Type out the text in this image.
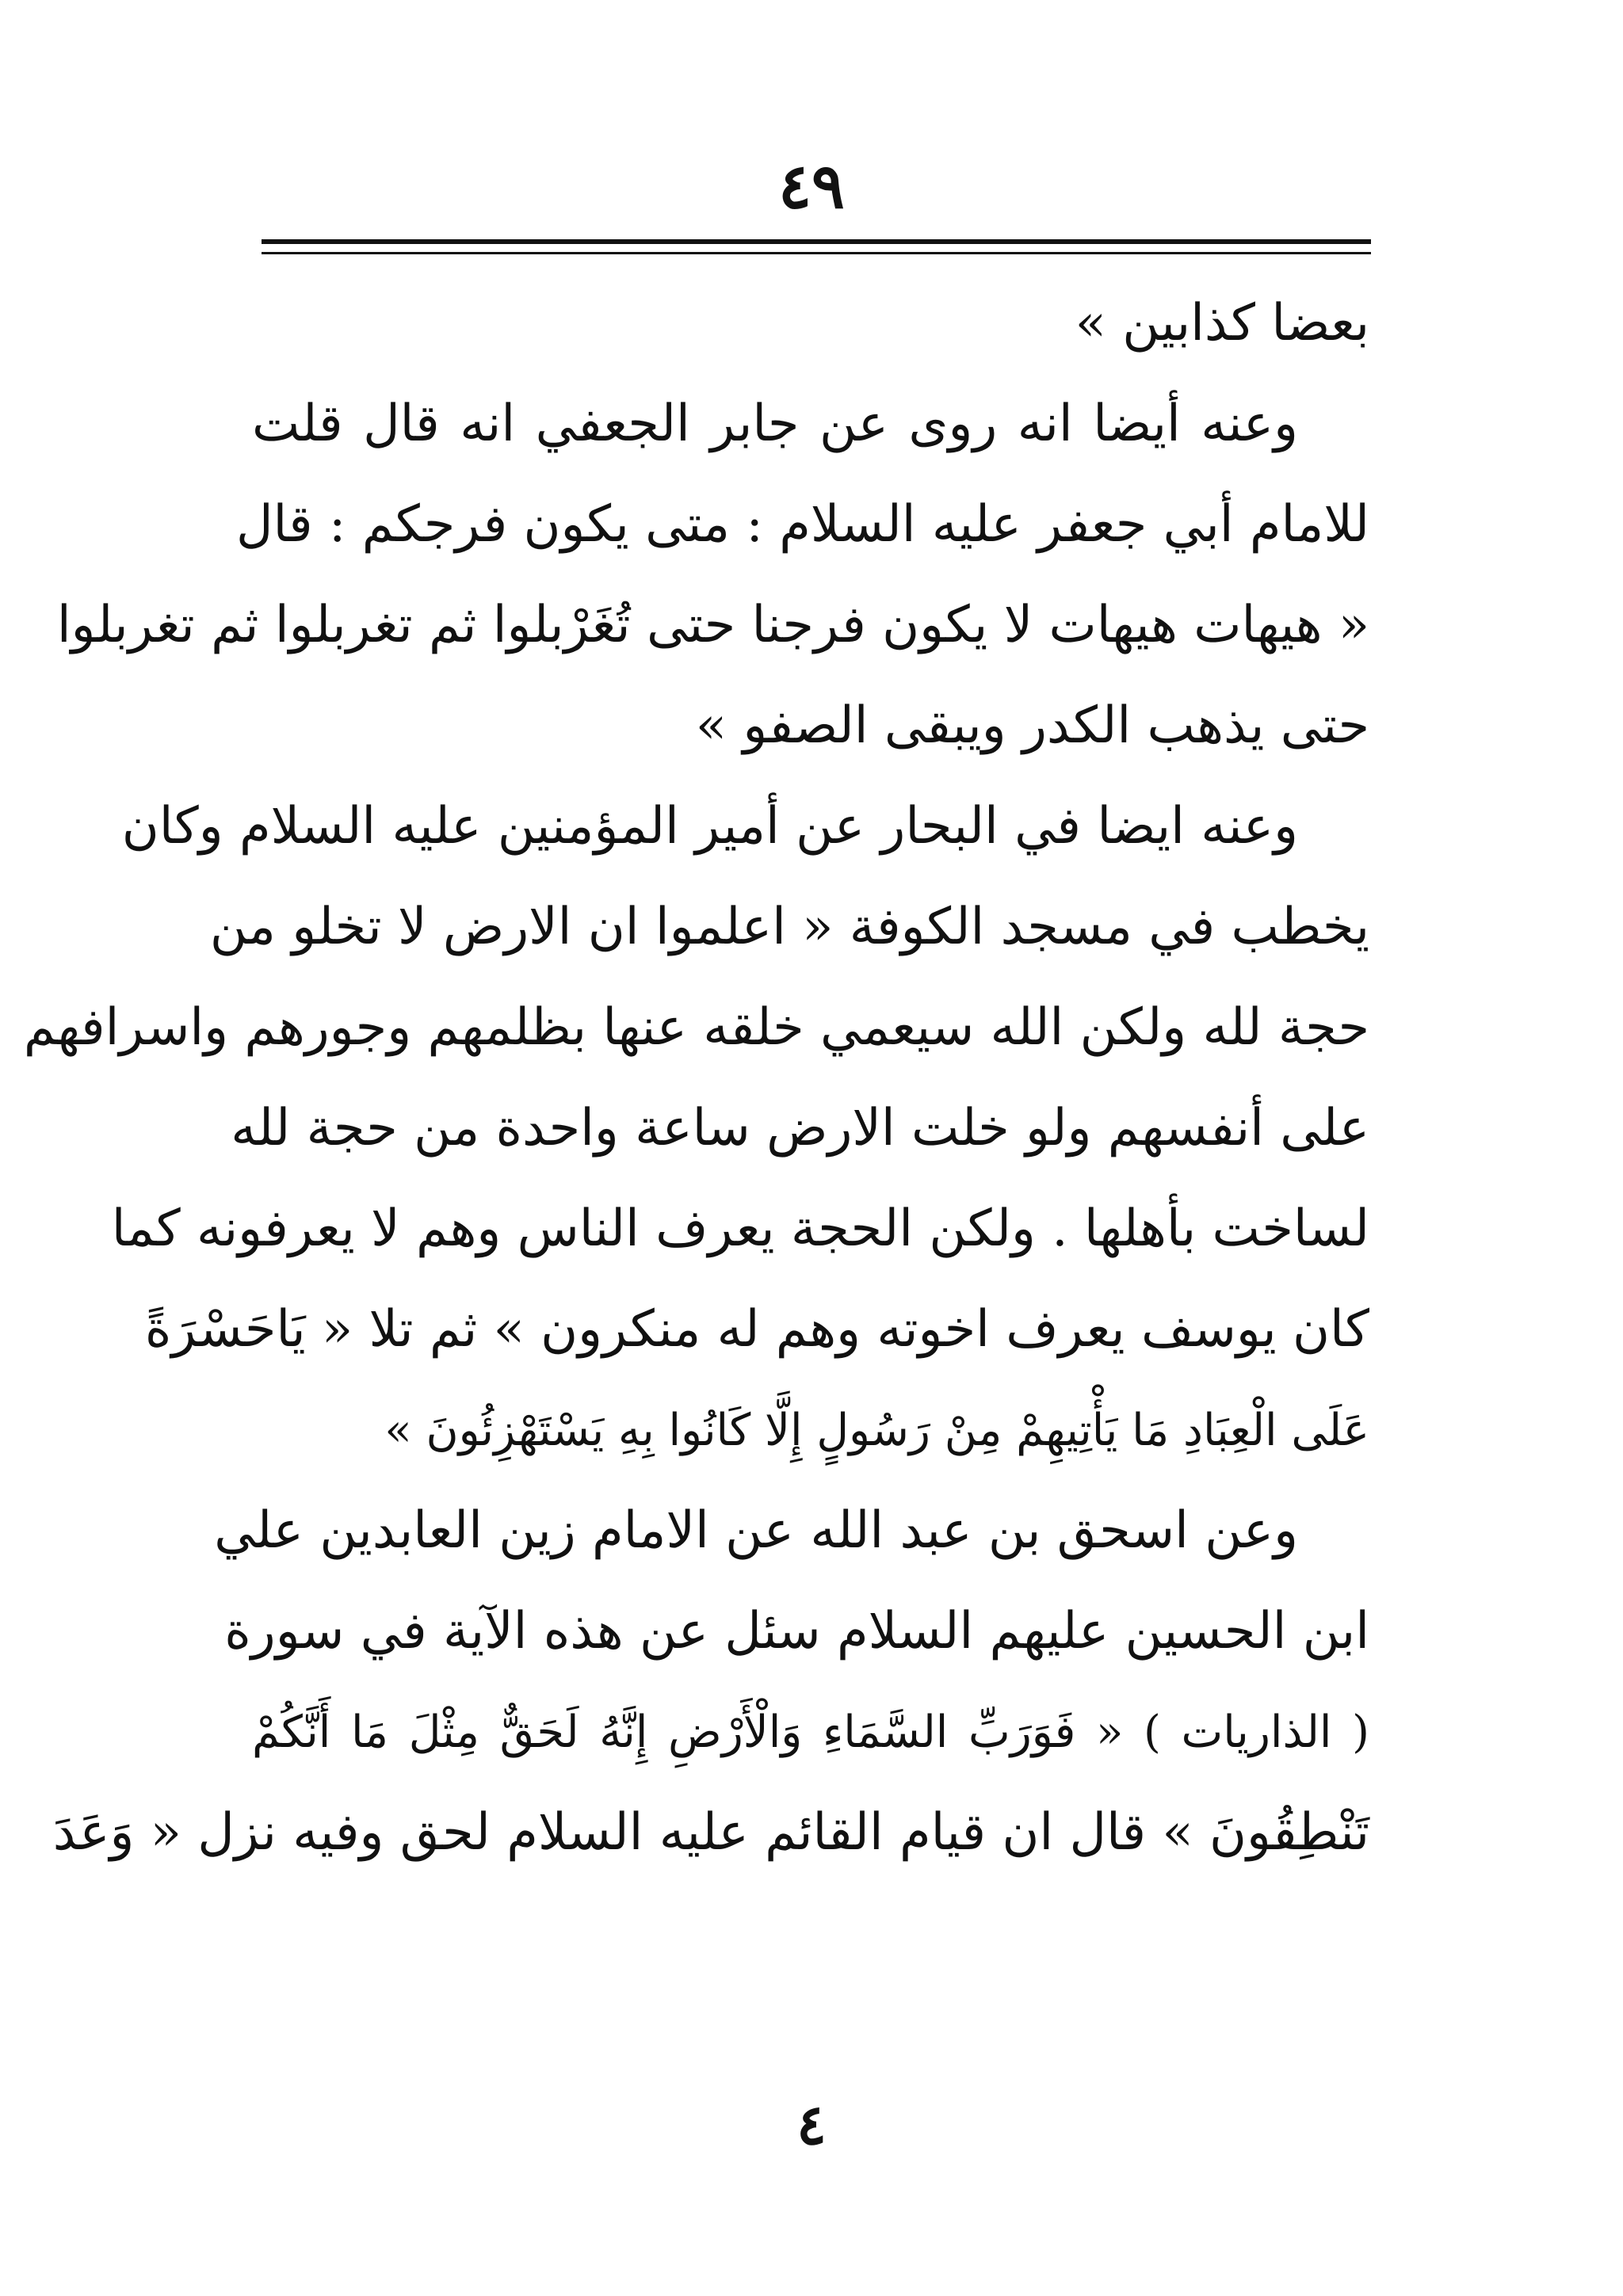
٤٩
بعضا كذابين »
وعنه أيضا انه روى عن جابر الجعفي انه قال قلت
للامام أبي جعفر عليه السلام : متى يكون فرجكم : قال
« هيهات هيهات لا يكون فرجنا حتى تُغَرْبلوا ثم تغربلوا ثم تغربلوا
حتى يذهب الكدر ويبقى الصفو »
وعنه ايضا في البحار عن أمير المؤمنين عليه السلام وكان
يخطب في مسجد الكوفة « اعلموا ان الارض لا تخلو من
حجة لله ولكن الله سيعمي خلقه عنها بظلمهم وجورهم واسرافهم
على أنفسهم ولو خلت الارض ساعة واحدة من حجة لله
لساخت بأهلها . ولكن الحجة يعرف الناس وهم لا يعرفونه كما
كان يوسف يعرف اخوته وهم له منكرون » ثم تلا « يَاحَسْرَةً
عَلَى الْعِبَادِ مَا يَأْتِيهِمْ مِنْ رَسُولٍ إِلَّا كَانُوا بِهِ يَسْتَهْزِئُونَ »
وعن اسحق بن عبد الله عن الامام زين العابدين علي
ابن الحسين عليهم السلام سئل عن هذه الآية في سورة
( الذاريات ) « فَوَرَبِّ السَّمَاءِ وَالْأَرْضِ إِنَّهُ لَحَقٌّ مِثْلَ مَا أَنَّكُمْ
تَنْطِقُونَ » قال ان قيام القائم عليه السلام لحق وفيه نزل « وَعَدَ
٤
